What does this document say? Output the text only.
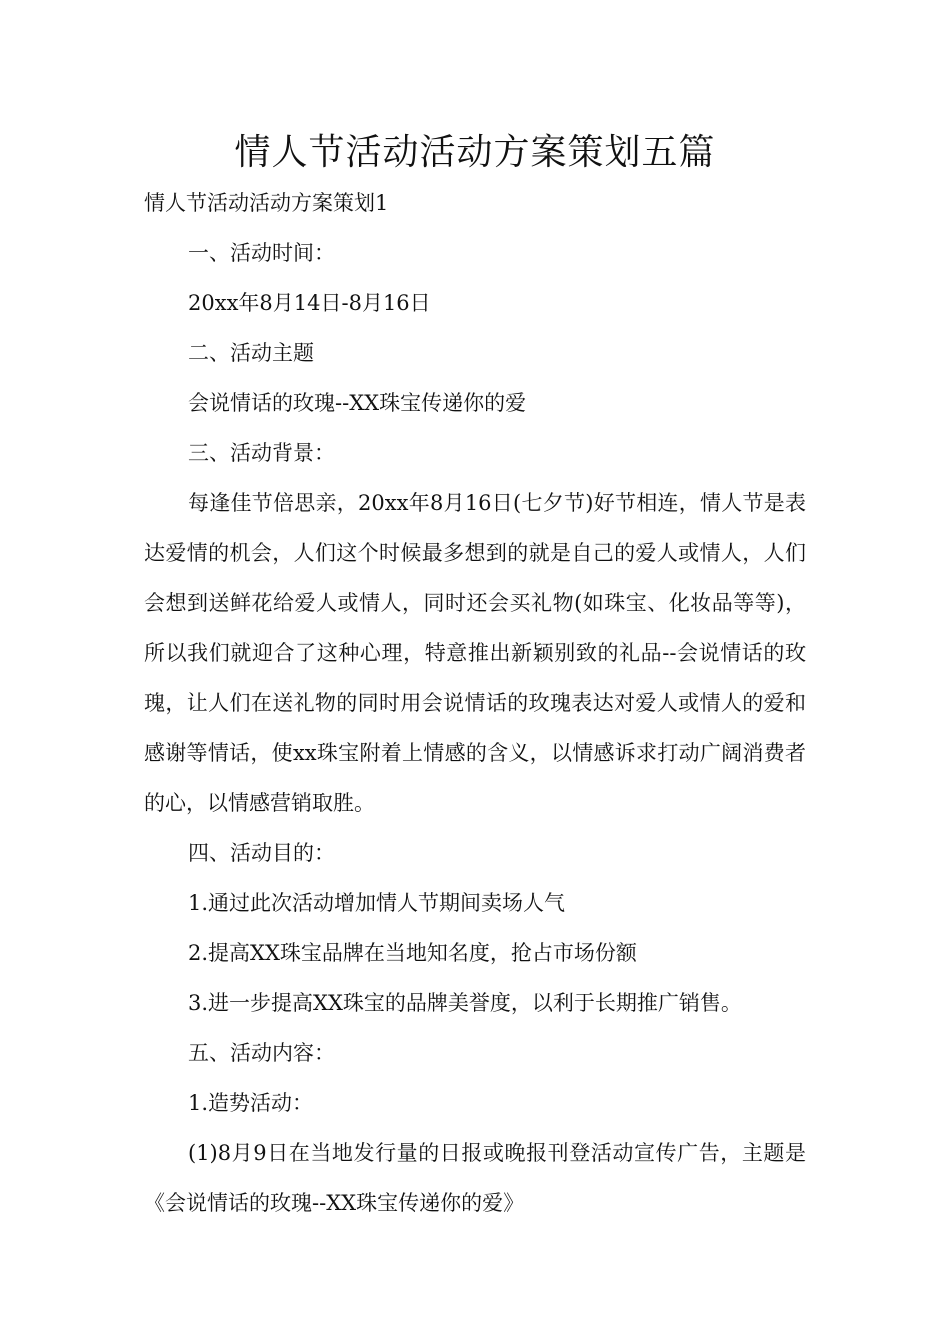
情人节活动活动方案策划五篇

情人节活动活动方案策划1

一、活动时间：

20xx年8月14日-8月16日

二、活动主题

会说情话的玫瑰--XX珠宝传递你的爱

三、活动背景：

每逢佳节倍思亲，20xx年8月16日(七夕节)好节相连，情人节是表达爱情的机会，人们这个时候最多想到的就是自己的爱人或情人，人们会想到送鲜花给爱人或情人，同时还会买礼物(如珠宝、化妆品等等)，所以我们就迎合了这种心理，特意推出新颖别致的礼品--会说情话的玫瑰，让人们在送礼物的同时用会说情话的玫瑰表达对爱人或情人的爱和感谢等情话，使xx珠宝附着上情感的含义，以情感诉求打动广阔消费者的心，以情感营销取胜。

四、活动目的：

1.通过此次活动增加情人节期间卖场人气

2.提高XX珠宝品牌在当地知名度，抢占市场份额

3.进一步提高XX珠宝的品牌美誉度，以利于长期推广销售。

五、活动内容：

1.造势活动：

(1)8月9日在当地发行量的日报或晚报刊登活动宣传广告，主题是《会说情话的玫瑰--XX珠宝传递你的爱》
